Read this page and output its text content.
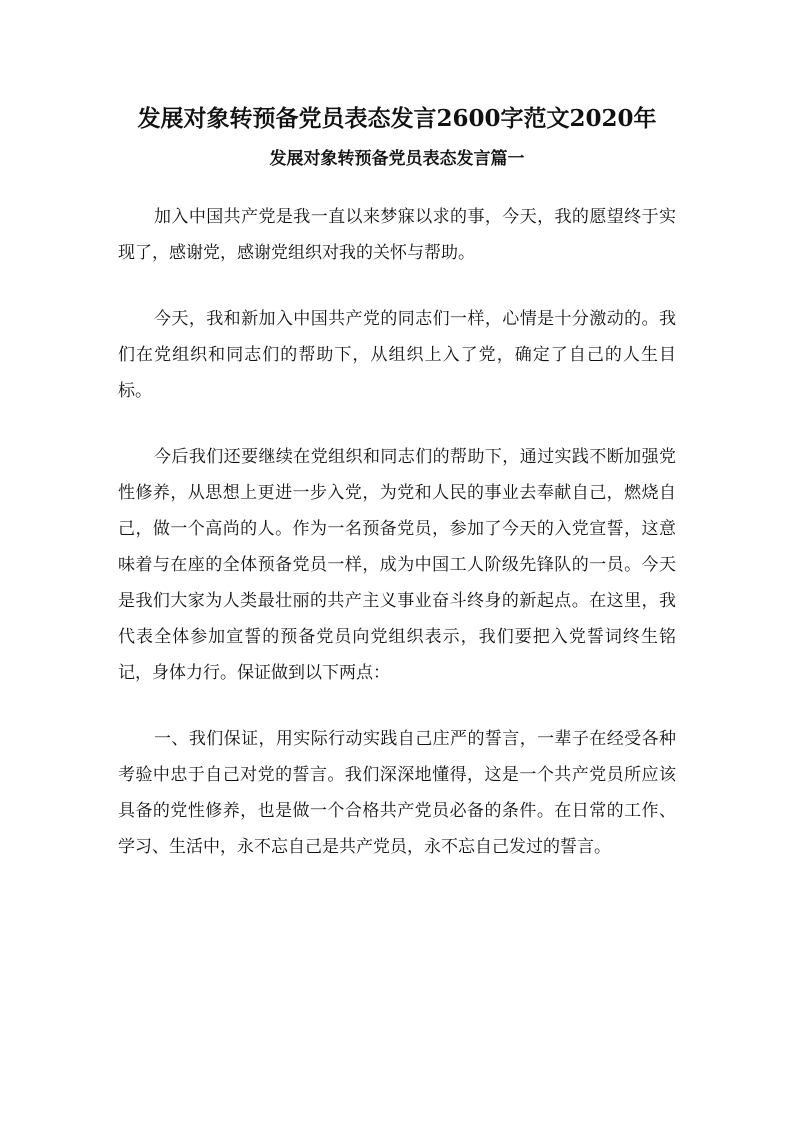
发展对象转预备党员表态发言2600字范文2020年
发展对象转预备党员表态发言篇一

加入中国共产党是我一直以来梦寐以求的事，今天，我的愿望终于实现了，感谢党，感谢党组织对我的关怀与帮助。

今天，我和新加入中国共产党的同志们一样，心情是十分激动的。我们在党组织和同志们的帮助下，从组织上入了党，确定了自己的人生目标。

今后我们还要继续在党组织和同志们的帮助下，通过实践不断加强党性修养，从思想上更进一步入党，为党和人民的事业去奉献自己，燃烧自己，做一个高尚的人。作为一名预备党员，参加了今天的入党宣誓，这意味着与在座的全体预备党员一样，成为中国工人阶级先锋队的一员。今天是我们大家为人类最壮丽的共产主义事业奋斗终身的新起点。在这里，我代表全体参加宣誓的预备党员向党组织表示，我们要把入党誓词终生铭记，身体力行。保证做到以下两点：

一、我们保证，用实际行动实践自己庄严的誓言，一辈子在经受各种考验中忠于自己对党的誓言。我们深深地懂得，这是一个共产党员所应该具备的党性修养，也是做一个合格共产党员必备的条件。在日常的工作、学习、生活中，永不忘自己是共产党员，永不忘自己发过的誓言。
